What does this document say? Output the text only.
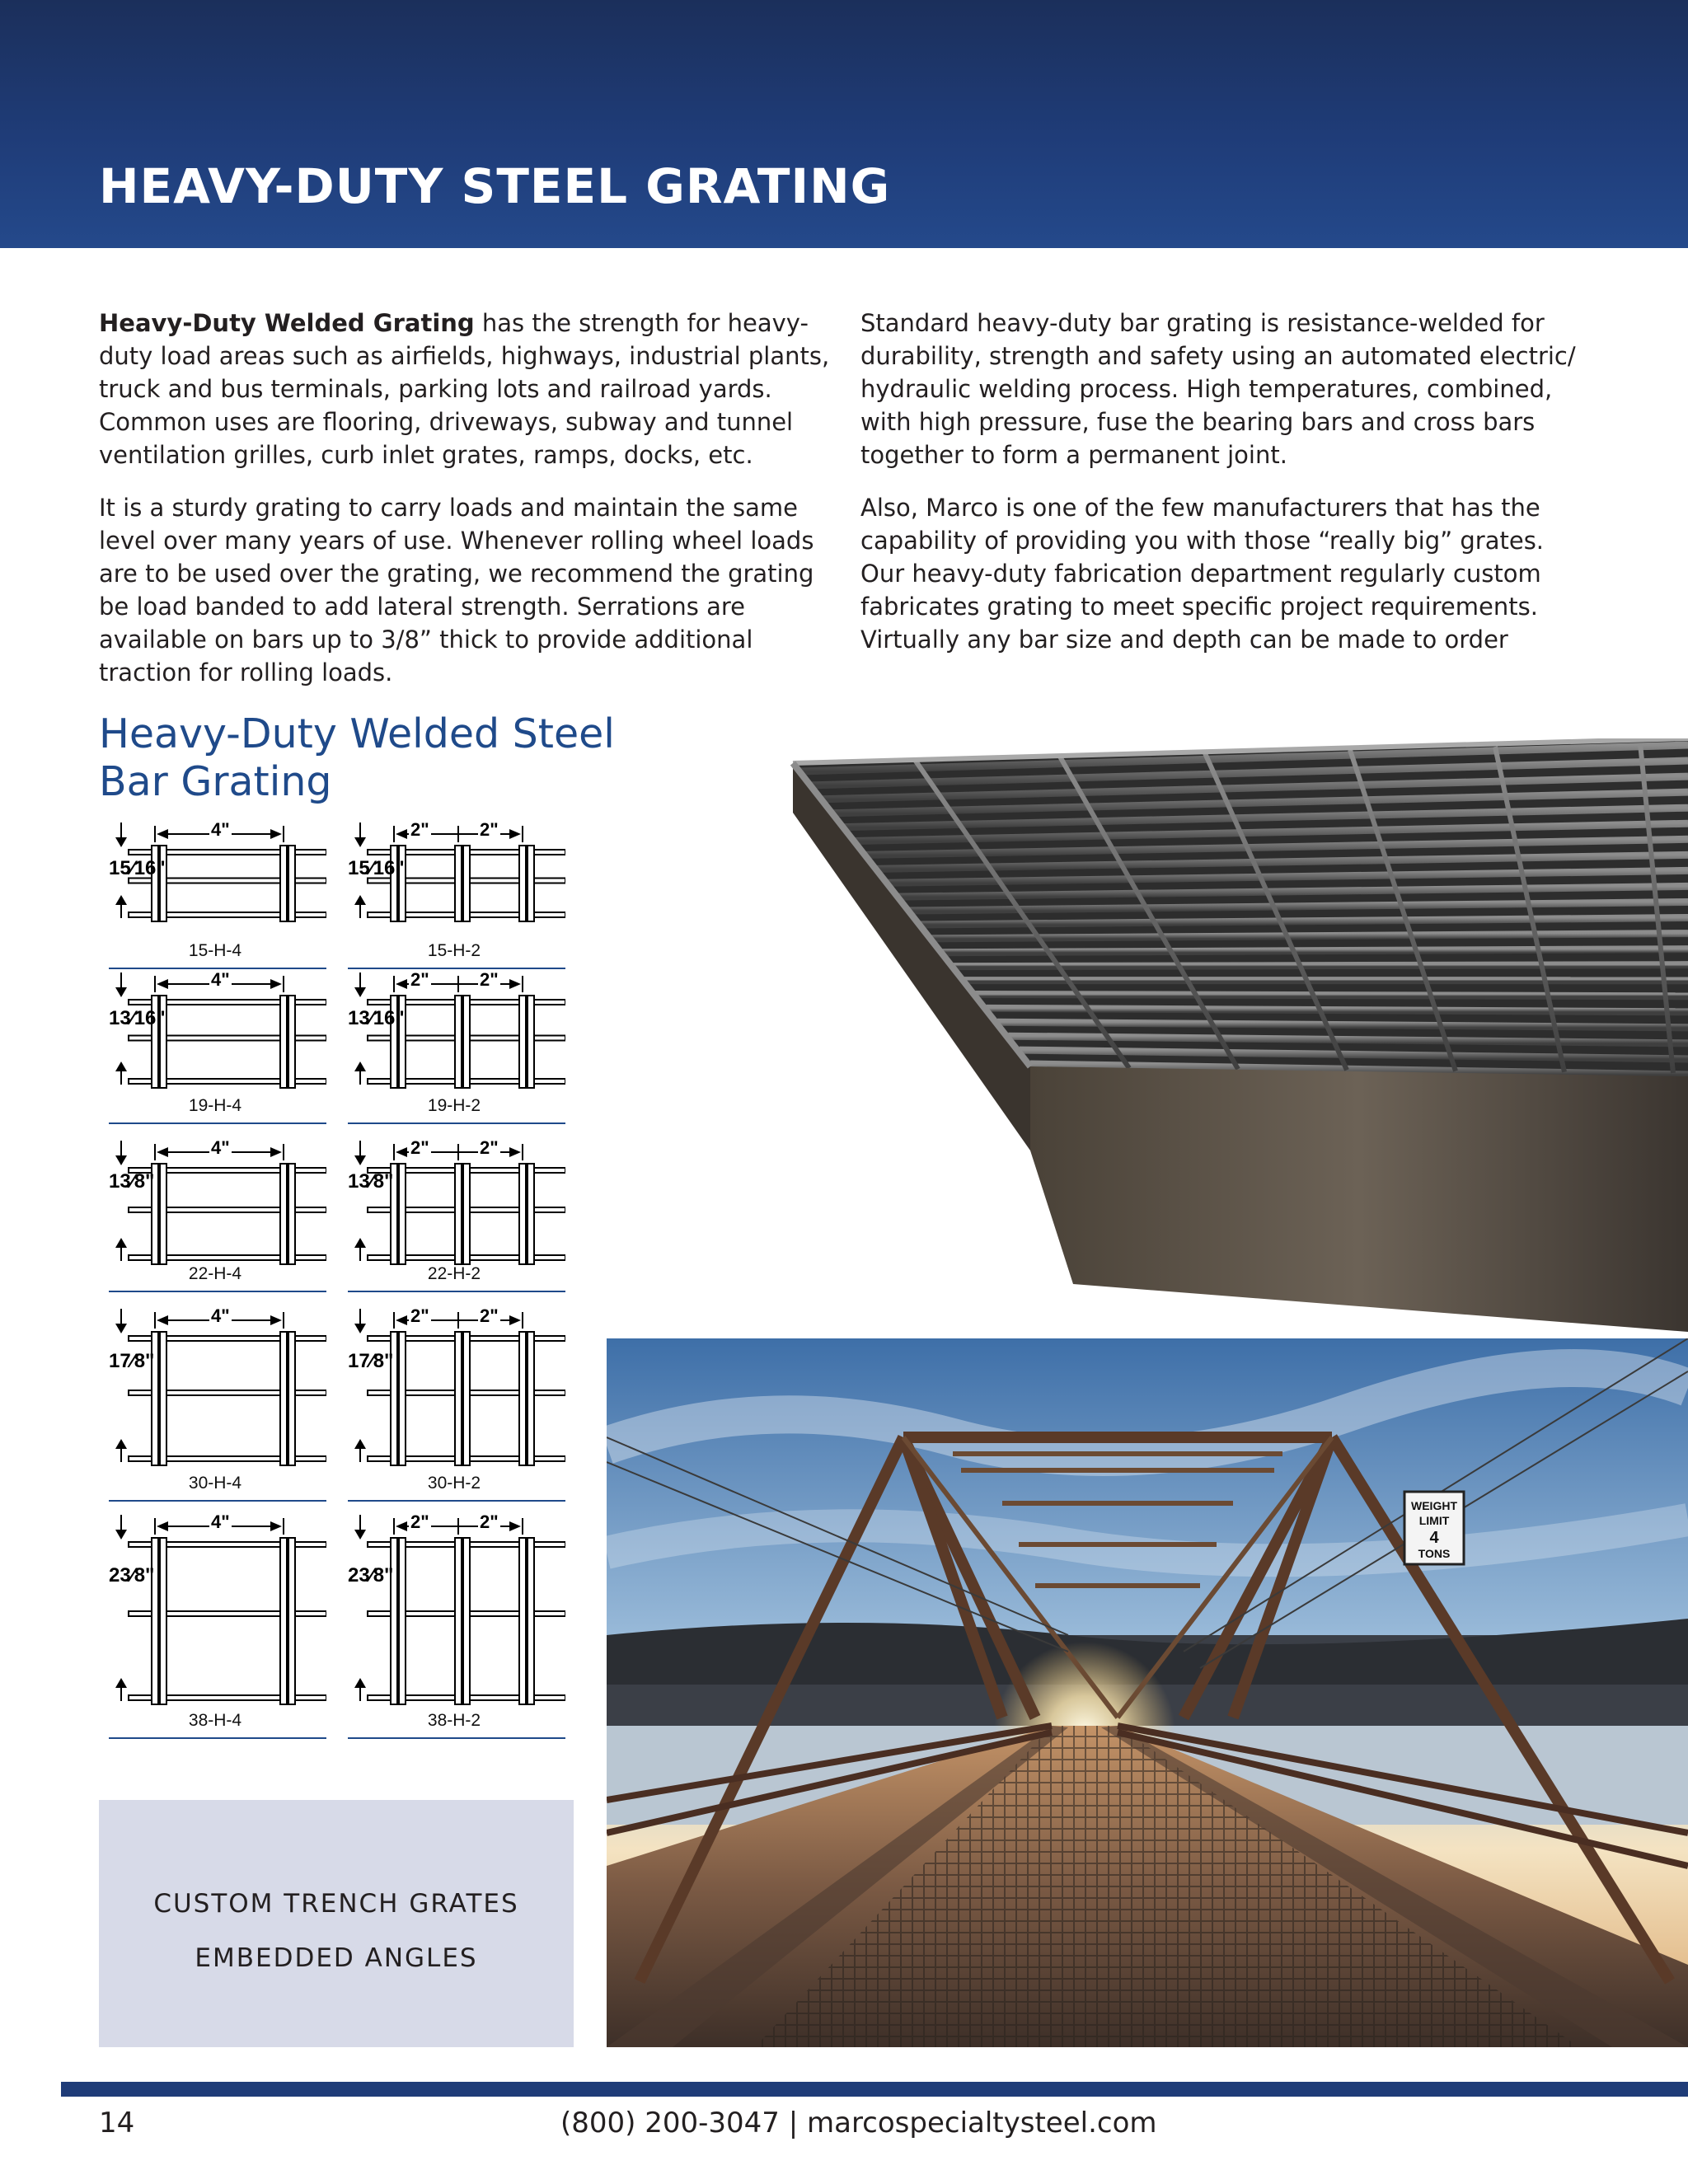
HEAVY-DUTY STEEL GRATING

Heavy-Duty Welded Grating has the strength for heavy-duty load areas such as airfields, highways, industrial plants, truck and bus terminals, parking lots and railroad yards. Common uses are flooring, driveways, subway and tunnel ventilation grilles, curb inlet grates, ramps, docks, etc.

It is a sturdy grating to carry loads and maintain the same level over many years of use. Whenever rolling wheel loads are to be used over the grating, we recommend the grating be load banded to add lateral strength. Serrations are available on bars up to 3/8” thick to provide additional traction for rolling loads.

Standard heavy-duty bar grating is resistance-welded for durability, strength and safety using an automated electric/ hydraulic welding process. High temperatures, combined, with high pressure, fuse the bearing bars and cross bars together to form a permanent joint.

Also, Marco is one of the few manufacturers that has the capability of providing you with those “really big” grates. Our heavy-duty fabrication department regularly custom fabricates grating to meet specific project requirements. Virtually any bar size and depth can be made to order

Heavy-Duty Welded Steel Bar Grating
15⁄16"
4"
15-H-4
15⁄16"
2"	2"
15-H-2
13⁄16"
4"
19-H-4
13⁄16"
2"	2"
19-H-2
13⁄8"
4"
22-H-4
13⁄8"
2"	2"
22-H-2
17⁄8"
4"
30-H-4
17⁄8"
2"	2"
30-H-2
23⁄8"
4"
38-H-4
23⁄8"
2"	2"
38-H-2
CUSTOM TRENCH GRATES
EMBEDDED ANGLES
WEIGHT
LIMIT
4
TONS
14	(800) 200-3047 | marcospecialtysteel.com
